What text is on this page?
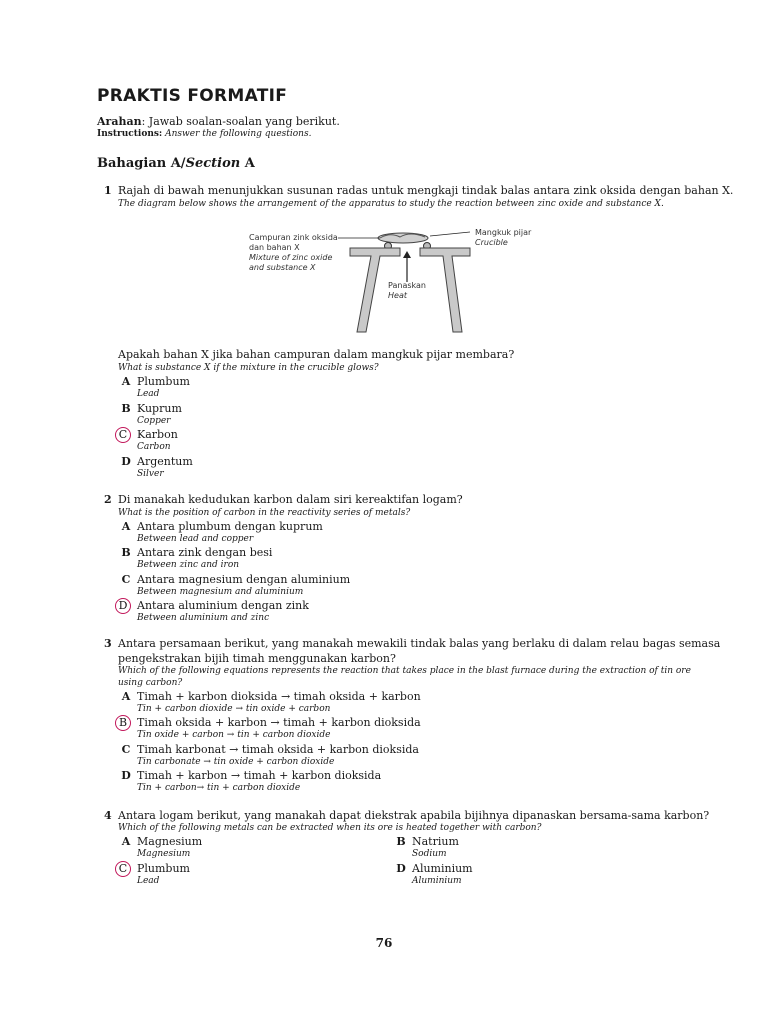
PRAKTIS FORMATIF
Arahan: Jawab soalan-soalan yang berikut.
Instructions: Answer the following questions.
Bahagian A/Section A
1 Rajah di bawah menunjukkan susunan radas untuk mengkaji tindak balas antara zink oksida dengan bahan X.
The diagram below shows the arrangement of the apparatus to study the reaction between zinc oxide and substance X.
Campuran zink oksida
dan bahan X
Mixture of zinc oxide
and substance X
Mangkuk pijar
Crucible
Panaskan
Heat
Apakah bahan X jika bahan campuran dalam mangkuk pijar membara?
What is substance X if the mixture in the crucible glows?
A Plumbum
Lead
B Kuprum
Copper
C Karbon
Carbon
D Argentum
Silver
2 Di manakah kedudukan karbon dalam siri kereaktifan logam?
What is the position of carbon in the reactivity series of metals?
A Antara plumbum dengan kuprum
Between lead and copper
B Antara zink dengan besi
Between zinc and iron
C Antara magnesium dengan aluminium
Between magnesium and aluminium
D Antara aluminium dengan zink
Between aluminium and zinc
3 Antara persamaan berikut, yang manakah mewakili tindak balas yang berlaku di dalam relau bagas semasa
pengekstrakan bijih timah menggunakan karbon?
Which of the following equations represents the reaction that takes place in the blast furnace during the extraction of tin ore
using carbon?
A Timah + karbon dioksida → timah oksida + karbon
Tin + carbon dioxide → tin oxide + carbon
B Timah oksida + karbon → timah + karbon dioksida
Tin oxide + carbon → tin + carbon dioxide
C Timah karbonat → timah oksida + karbon dioksida
Tin carbonate → tin oxide + carbon dioxide
D Timah + karbon → timah + karbon dioksida
Tin + carbon→ tin + carbon dioxide
4 Antara logam berikut, yang manakah dapat diekstrak apabila bijihnya dipanaskan bersama-sama karbon?
Which of the following metals can be extracted when its ore is heated together with carbon?
A Magnesium
Magnesium
B Natrium
Sodium
C Plumbum
Lead
D Aluminium
Aluminium
76
